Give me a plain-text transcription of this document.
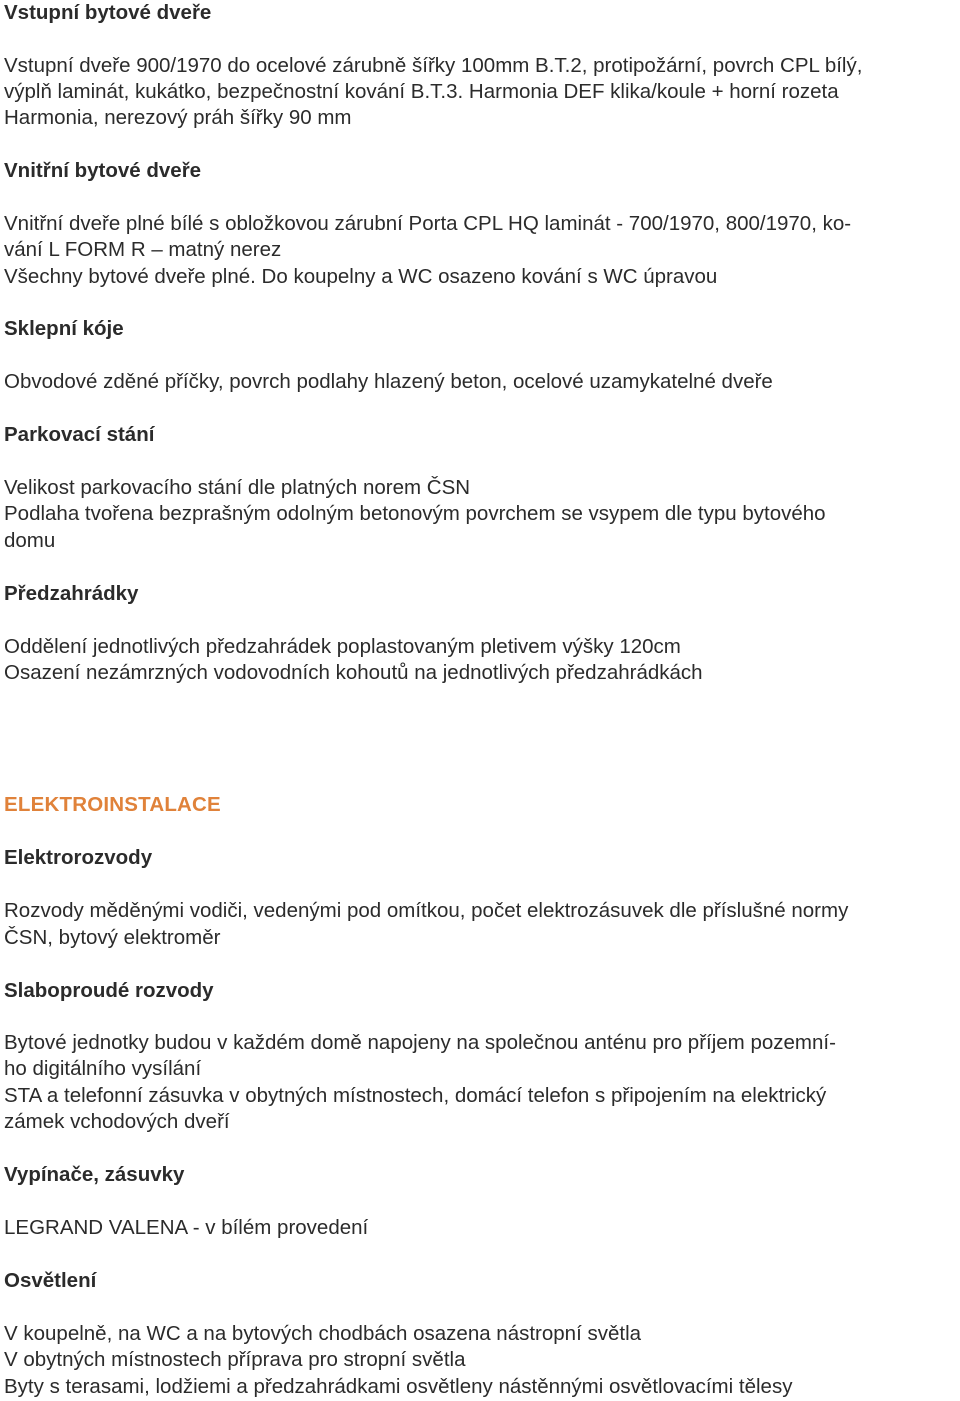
Vstupní bytové dveře
Vstupní dveře 900/1970 do ocelové zárubně šířky 100mm B.T.2, protipožární, povrch CPL bílý,
výplň laminát, kukátko, bezpečnostní kování B.T.3. Harmonia DEF klika/koule + horní rozeta
Harmonia, nerezový práh šířky 90 mm
Vnitřní bytové dveře
Vnitřní dveře plné bílé s obložkovou zárubní Porta CPL HQ laminát - 700/1970, 800/1970, ko-
vání L FORM R – matný nerez
Všechny bytové dveře plné. Do koupelny a WC osazeno kování s WC úpravou
Sklepní kóje
Obvodové zděné příčky, povrch podlahy hlazený beton, ocelové uzamykatelné dveře
Parkovací stání
Velikost parkovacího stání dle platných norem ČSN
Podlaha tvořena bezprašným odolným betonovým povrchem se vsypem dle typu bytového
domu
Předzahrádky
Oddělení jednotlivých předzahrádek poplastovaným pletivem výšky 120cm
Osazení nezámrzných vodovodních kohoutů na jednotlivých předzahrádkách
ELEKTROINSTALACE
Elektrorozvody
Rozvody měděnými vodiči, vedenými pod omítkou, počet elektrozásuvek dle příslušné normy
ČSN, bytový elektroměr
Slaboproudé rozvody
Bytové jednotky budou v každém domě napojeny na společnou anténu pro příjem pozemní-
ho digitálního vysílání
STA a telefonní zásuvka v obytných místnostech, domácí telefon s připojením na elektrický
zámek vchodových dveří
Vypínače, zásuvky
LEGRAND VALENA - v bílém provedení
Osvětlení
V koupelně, na WC a na bytových chodbách osazena nástropní světla
V obytných místnostech příprava pro stropní světla
Byty s terasami, lodžiemi a předzahrádkami osvětleny nástěnnými osvětlovacími tělesy
